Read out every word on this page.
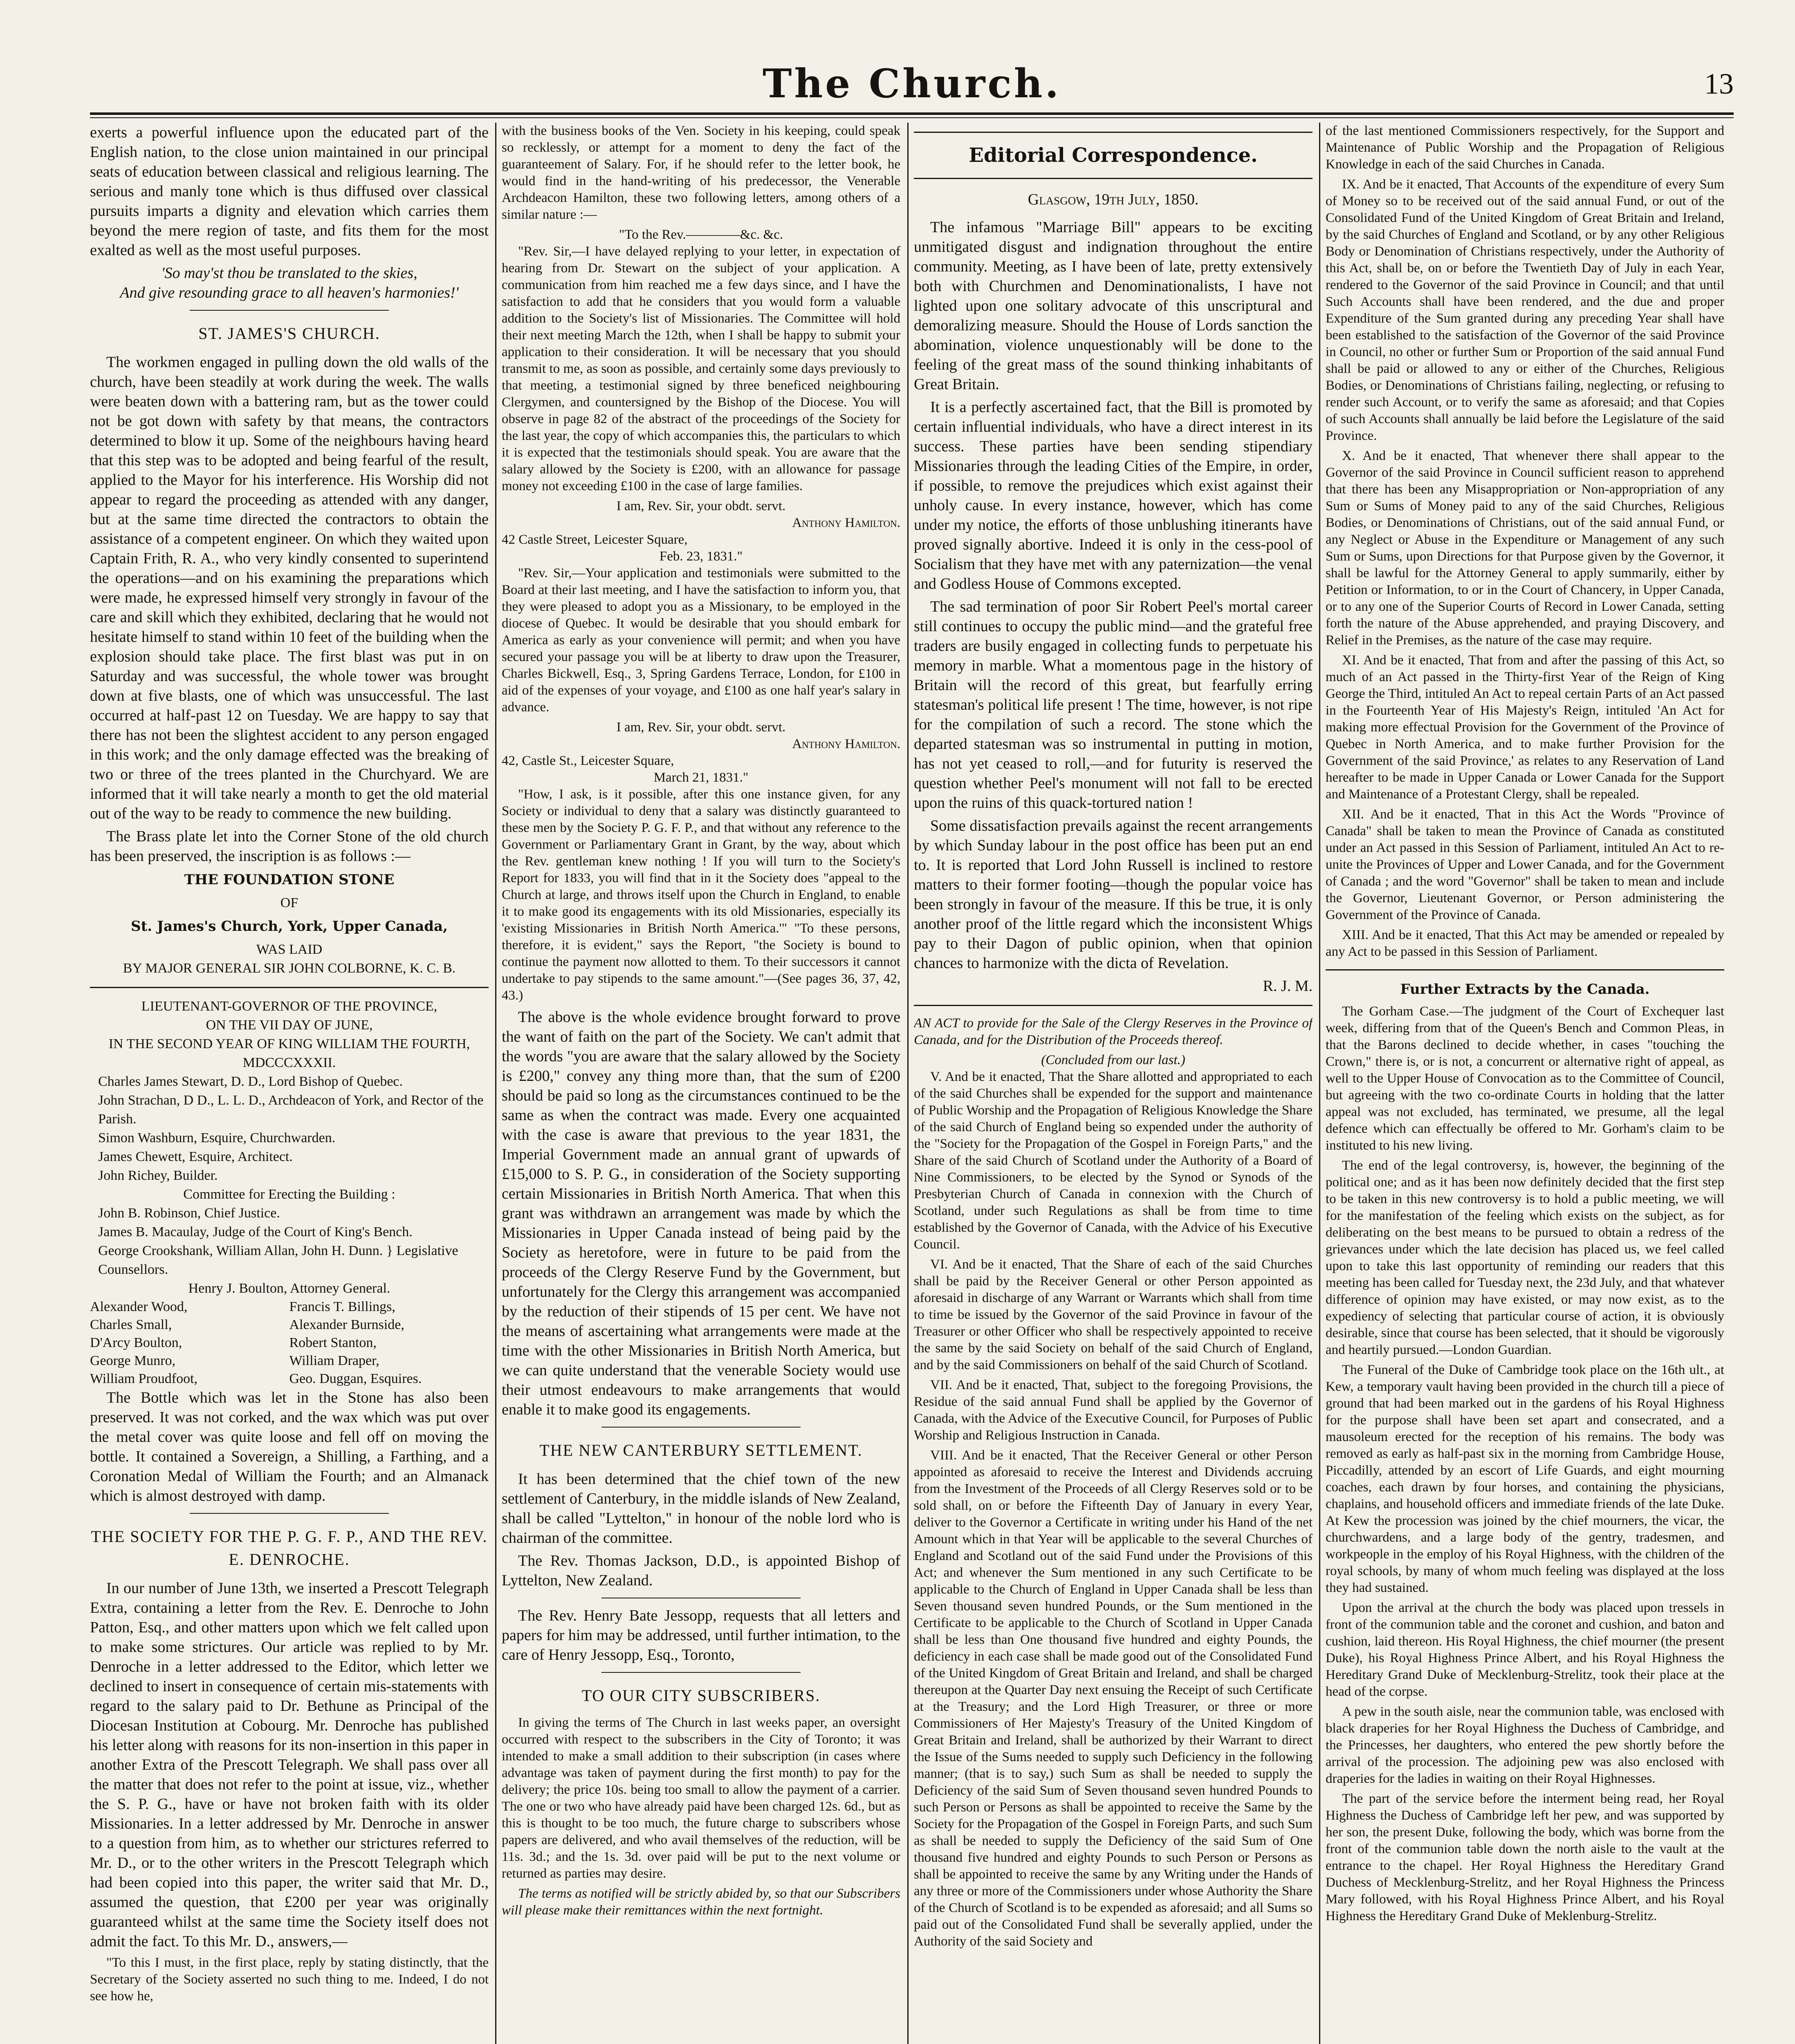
The Church.	13

exerts a powerful influence upon the educated part of the English nation, to the close union maintained in our principal seats of education between classical and religious learning. The serious and manly tone which is thus diffused over classical pursuits imparts a dignity and elevation which carries them beyond the mere region of taste, and fits them for the most exalted as well as the most useful purposes.

'So may'st thou be translated to the skies,
And give resounding grace to all heaven's harmonies!'
ST. JAMES'S CHURCH.

The workmen engaged in pulling down the old walls of the church, have been steadily at work during the week. The walls were beaten down with a battering ram, but as the tower could not be got down with safety by that means, the contractors determined to blow it up. Some of the neighbours having heard that this step was to be adopted and being fearful of the result, applied to the Mayor for his interference. His Worship did not appear to regard the proceeding as attended with any danger, but at the same time directed the contractors to obtain the assistance of a competent engineer. On which they waited upon Captain Frith, R. A., who very kindly consented to superintend the operations—and on his examining the preparations which were made, he expressed himself very strongly in favour of the care and skill which they exhibited, declaring that he would not hesitate himself to stand within 10 feet of the building when the explosion should take place. The first blast was put in on Saturday and was successful, the whole tower was brought down at five blasts, one of which was unsuccessful. The last occurred at half-past 12 on Tuesday. We are happy to say that there has not been the slightest accident to any person engaged in this work; and the only damage effected was the breaking of two or three of the trees planted in the Churchyard. We are informed that it will take nearly a month to get the old material out of the way to be ready to commence the new building.

The Brass plate let into the Corner Stone of the old church has been preserved, the inscription is as follows :—

THE FOUNDATION STONE
OF
St. James's Church, York, Upper Canada,
WAS LAID
BY MAJOR GENERAL SIR JOHN COLBORNE, K. C. B.
LIEUTENANT-GOVERNOR OF THE PROVINCE,
ON THE VII DAY OF JUNE,
IN THE SECOND YEAR OF KING WILLIAM THE FOURTH,
MDCCCXXXII.
Charles James Stewart, D. D., Lord Bishop of Quebec.
John Strachan, D D., L. L. D., Archdeacon of York, and Rector of the Parish.
Simon Washburn, Esquire, Churchwarden.
James Chewett, Esquire, Architect.
John Richey, Builder.
Committee for Erecting the Building :
John B. Robinson, Chief Justice.
James B. Macaulay, Judge of the Court of King's Bench.
George Crookshank, William Allan, John H. Dunn. } Legislative Counsellors.
Henry J. Boulton, Attorney General.
Alexander Wood,	Francis T. Billings,
Charles Small,	Alexander Burnside,
D'Arcy Boulton,	Robert Stanton,
George Munro,	William Draper,
William Proudfoot,	Geo. Duggan, Esquires.

The Bottle which was let in the Stone has also been preserved. It was not corked, and the wax which was put over the metal cover was quite loose and fell off on moving the bottle. It contained a Sovereign, a Shilling, a Farthing, and a Coronation Medal of William the Fourth; and an Almanack which is almost destroyed with damp.

THE SOCIETY FOR THE P. G. F. P., AND THE REV. E. DENROCHE.

In our number of June 13th, we inserted a Prescott Telegraph Extra, containing a letter from the Rev. E. Denroche to John Patton, Esq., and other matters upon which we felt called upon to make some strictures. Our article was replied to by Mr. Denroche in a letter addressed to the Editor, which letter we declined to insert in consequence of certain mis-statements with regard to the salary paid to Dr. Bethune as Principal of the Diocesan Institution at Cobourg. Mr. Denroche has published his letter along with reasons for its non-insertion in this paper in another Extra of the Prescott Telegraph. We shall pass over all the matter that does not refer to the point at issue, viz., whether the S. P. G., have or have not broken faith with its older Missionaries. In a letter addressed by Mr. Denroche in answer to a question from him, as to whether our strictures referred to Mr. D., or to the other writers in the Prescott Telegraph which had been copied into this paper, the writer said that Mr. D., assumed the question, that £200 per year was originally guaranteed whilst at the same time the Society itself does not admit the fact. To this Mr. D., answers,—

"To this I must, in the first place, reply by stating distinctly, that the Secretary of the Society asserted no such thing to me. Indeed, I do not see how he,

with the business books of the Ven. Society in his keeping, could speak so recklessly, or attempt for a moment to deny the fact of the guaranteement of Salary. For, if he should refer to the letter book, he would find in the hand-writing of his predecessor, the Venerable Archdeacon Hamilton, these two following letters, among others of a similar nature :—

"To the Rev.————&c. &c.

"Rev. Sir,—I have delayed replying to your letter, in expectation of hearing from Dr. Stewart on the subject of your application. A communication from him reached me a few days since, and I have the satisfaction to add that he considers that you would form a valuable addition to the Society's list of Missionaries. The Committee will hold their next meeting March the 12th, when I shall be happy to submit your application to their consideration. It will be necessary that you should transmit to me, as soon as possible, and certainly some days previously to that meeting, a testimonial signed by three beneficed neighbouring Clergymen, and countersigned by the Bishop of the Diocese. You will observe in page 82 of the abstract of the proceedings of the Society for the last year, the copy of which accompanies this, the particulars to which it is expected that the testimonials should speak. You are aware that the salary allowed by the Society is £200, with an allowance for passage money not exceeding £100 in the case of large families.

I am, Rev. Sir, your obdt. servt.
Anthony Hamilton.
42 Castle Street, Leicester Square,
Feb. 23, 1831."

"Rev. Sir,—Your application and testimonials were submitted to the Board at their last meeting, and I have the satisfaction to inform you, that they were pleased to adopt you as a Missionary, to be employed in the diocese of Quebec. It would be desirable that you should embark for America as early as your convenience will permit; and when you have secured your passage you will be at liberty to draw upon the Treasurer, Charles Bickwell, Esq., 3, Spring Gardens Terrace, London, for £100 in aid of the expenses of your voyage, and £100 as one half year's salary in advance.

I am, Rev. Sir, your obdt. servt.
Anthony Hamilton.
42, Castle St., Leicester Square,
March 21, 1831."

"How, I ask, is it possible, after this one instance given, for any Society or individual to deny that a salary was distinctly guaranteed to these men by the Society P. G. F. P., and that without any reference to the Government or Parliamentary Grant in Grant, by the way, about which the Rev. gentleman knew nothing ! If you will turn to the Society's Report for 1833, you will find that in it the Society does "appeal to the Church at large, and throws itself upon the Church in England, to enable it to make good its engagements with its old Missionaries, especially its 'existing Missionaries in British North America.'" "To these persons, therefore, it is evident," says the Report, "the Society is bound to continue the payment now allotted to them. To their successors it cannot undertake to pay stipends to the same amount."—(See pages 36, 37, 42, 43.)

The above is the whole evidence brought forward to prove the want of faith on the part of the Society. We can't admit that the words "you are aware that the salary allowed by the Society is £200," convey any thing more than, that the sum of £200 should be paid so long as the circumstances continued to be the same as when the contract was made. Every one acquainted with the case is aware that previous to the year 1831, the Imperial Government made an annual grant of upwards of £15,000 to S. P. G., in consideration of the Society supporting certain Missionaries in British North America. That when this grant was withdrawn an arrangement was made by which the Missionaries in Upper Canada instead of being paid by the Society as heretofore, were in future to be paid from the proceeds of the Clergy Reserve Fund by the Government, but unfortunately for the Clergy this arrangement was accompanied by the reduction of their stipends of 15 per cent. We have not the means of ascertaining what arrangements were made at the time with the other Missionaries in British North America, but we can quite understand that the venerable Society would use their utmost endeavours to make arrangements that would enable it to make good its engagements.

THE NEW CANTERBURY SETTLEMENT.

It has been determined that the chief town of the new settlement of Canterbury, in the middle islands of New Zealand, shall be called "Lyttelton," in honour of the noble lord who is chairman of the committee.

The Rev. Thomas Jackson, D.D., is appointed Bishop of Lyttelton, New Zealand.

The Rev. Henry Bate Jessopp, requests that all letters and papers for him may be addressed, until further intimation, to the care of Henry Jessopp, Esq., Toronto,

TO OUR CITY SUBSCRIBERS.

In giving the terms of The Church in last weeks paper, an oversight occurred with respect to the subscribers in the City of Toronto; it was intended to make a small addition to their subscription (in cases where advantage was taken of payment during the first month) to pay for the delivery; the price 10s. being too small to allow the payment of a carrier. The one or two who have already paid have been charged 12s. 6d., but as this is thought to be too much, the future charge to subscribers whose papers are delivered, and who avail themselves of the reduction, will be 11s. 3d.; and the 1s. 3d. over paid will be put to the next volume or returned as parties may desire.

The terms as notified will be strictly abided by, so that our Subscribers will please make their remittances within the next fortnight.

Editorial Correspondence.
Glasgow, 19th July, 1850.

The infamous "Marriage Bill" appears to be exciting unmitigated disgust and indignation throughout the entire community. Meeting, as I have been of late, pretty extensively both with Churchmen and Denominationalists, I have not lighted upon one solitary advocate of this unscriptural and demoralizing measure. Should the House of Lords sanction the abomination, violence unquestionably will be done to the feeling of the great mass of the sound thinking inhabitants of Great Britain.

It is a perfectly ascertained fact, that the Bill is promoted by certain influential individuals, who have a direct interest in its success. These parties have been sending stipendiary Missionaries through the leading Cities of the Empire, in order, if possible, to remove the prejudices which exist against their unholy cause. In every instance, however, which has come under my notice, the efforts of those unblushing itinerants have proved signally abortive. Indeed it is only in the cess-pool of Socialism that they have met with any paternization—the venal and Godless House of Commons excepted.

The sad termination of poor Sir Robert Peel's mortal career still continues to occupy the public mind—and the grateful free traders are busily engaged in collecting funds to perpetuate his memory in marble. What a momentous page in the history of Britain will the record of this great, but fearfully erring statesman's political life present ! The time, however, is not ripe for the compilation of such a record. The stone which the departed statesman was so instrumental in putting in motion, has not yet ceased to roll,—and for futurity is reserved the question whether Peel's monument will not fall to be erected upon the ruins of this quack-tortured nation !

Some dissatisfaction prevails against the recent arrangements by which Sunday labour in the post office has been put an end to. It is reported that Lord John Russell is inclined to restore matters to their former footing—though the popular voice has been strongly in favour of the measure. If this be true, it is only another proof of the little regard which the inconsistent Whigs pay to their Dagon of public opinion, when that opinion chances to harmonize with the dicta of Revelation.

R. J. M.

AN ACT to provide for the Sale of the Clergy Reserves in the Province of Canada, and for the Distribution of the Proceeds thereof.

(Concluded from our last.)

V. And be it enacted, That the Share allotted and appropriated to each of the said Churches shall be expended for the support and maintenance of Public Worship and the Propagation of Religious Knowledge the Share of the said Church of England being so expended under the authority of the "Society for the Propagation of the Gospel in Foreign Parts," and the Share of the said Church of Scotland under the Authority of a Board of Nine Commissioners, to be elected by the Synod or Synods of the Presbyterian Church of Canada in connexion with the Church of Scotland, under such Regulations as shall be from time to time established by the Governor of Canada, with the Advice of his Executive Council.

VI. And be it enacted, That the Share of each of the said Churches shall be paid by the Receiver General or other Person appointed as aforesaid in discharge of any Warrant or Warrants which shall from time to time be issued by the Governor of the said Province in favour of the Treasurer or other Officer who shall be respectively appointed to receive the same by the said Society on behalf of the said Church of England, and by the said Commissioners on behalf of the said Church of Scotland.

VII. And be it enacted, That, subject to the foregoing Provisions, the Residue of the said annual Fund shall be applied by the Governor of Canada, with the Advice of the Executive Council, for Purposes of Public Worship and Religious Instruction in Canada.

VIII. And be it enacted, That the Receiver General or other Person appointed as aforesaid to receive the Interest and Dividends accruing from the Investment of the Proceeds of all Clergy Reserves sold or to be sold shall, on or before the Fifteenth Day of January in every Year, deliver to the Governor a Certificate in writing under his Hand of the net Amount which in that Year will be applicable to the several Churches of England and Scotland out of the said Fund under the Provisions of this Act; and whenever the Sum mentioned in any such Certificate to be applicable to the Church of England in Upper Canada shall be less than Seven thousand seven hundred Pounds, or the Sum mentioned in the Certificate to be applicable to the Church of Scotland in Upper Canada shall be less than One thousand five hundred and eighty Pounds, the deficiency in each case shall be made good out of the Consolidated Fund of the United Kingdom of Great Britain and Ireland, and shall be charged thereupon at the Quarter Day next ensuing the Receipt of such Certificate at the Treasury; and the Lord High Treasurer, or three or more Commissioners of Her Majesty's Treasury of the United Kingdom of Great Britain and Ireland, shall be authorized by their Warrant to direct the Issue of the Sums needed to supply such Deficiency in the following manner; (that is to say,) such Sum as shall be needed to supply the Deficiency of the said Sum of Seven thousand seven hundred Pounds to such Person or Persons as shall be appointed to receive the Same by the Society for the Propagation of the Gospel in Foreign Parts, and such Sum as shall be needed to supply the Deficiency of the said Sum of One thousand five hundred and eighty Pounds to such Person or Persons as shall be appointed to receive the same by any Writing under the Hands of any three or more of the Commissioners under whose Authority the Share of the Church of Scotland is to be expended as aforesaid; and all Sums so paid out of the Consolidated Fund shall be severally applied, under the Authority of the said Society and

of the last mentioned Commissioners respectively, for the Support and Maintenance of Public Worship and the Propagation of Religious Knowledge in each of the said Churches in Canada.

IX. And be it enacted, That Accounts of the expenditure of every Sum of Money so to be received out of the said annual Fund, or out of the Consolidated Fund of the United Kingdom of Great Britain and Ireland, by the said Churches of England and Scotland, or by any other Religious Body or Denomination of Christians respectively, under the Authority of this Act, shall be, on or before the Twentieth Day of July in each Year, rendered to the Governor of the said Province in Council; and that until Such Accounts shall have been rendered, and the due and proper Expenditure of the Sum granted during any preceding Year shall have been established to the satisfaction of the Governor of the said Province in Council, no other or further Sum or Proportion of the said annual Fund shall be paid or allowed to any or either of the Churches, Religious Bodies, or Denominations of Christians failing, neglecting, or refusing to render such Account, or to verify the same as aforesaid; and that Copies of such Accounts shall annually be laid before the Legislature of the said Province.

X. And be it enacted, That whenever there shall appear to the Governor of the said Province in Council sufficient reason to apprehend that there has been any Misappropriation or Non-appropriation of any Sum or Sums of Money paid to any of the said Churches, Religious Bodies, or Denominations of Christians, out of the said annual Fund, or any Neglect or Abuse in the Expenditure or Management of any such Sum or Sums, upon Directions for that Purpose given by the Governor, it shall be lawful for the Attorney General to apply summarily, either by Petition or Information, to or in the Court of Chancery, in Upper Canada, or to any one of the Superior Courts of Record in Lower Canada, setting forth the nature of the Abuse apprehended, and praying Discovery, and Relief in the Premises, as the nature of the case may require.

XI. And be it enacted, That from and after the passing of this Act, so much of an Act passed in the Thirty-first Year of the Reign of King George the Third, intituled An Act to repeal certain Parts of an Act passed in the Fourteenth Year of His Majesty's Reign, intituled 'An Act for making more effectual Provision for the Government of the Province of Quebec in North America, and to make further Provision for the Government of the said Province,' as relates to any Reservation of Land hereafter to be made in Upper Canada or Lower Canada for the Support and Maintenance of a Protestant Clergy, shall be repealed.

XII. And be it enacted, That in this Act the Words "Province of Canada" shall be taken to mean the Province of Canada as constituted under an Act passed in this Session of Parliament, intituled An Act to re-unite the Provinces of Upper and Lower Canada, and for the Government of Canada ; and the word "Governor" shall be taken to mean and include the Governor, Lieutenant Governor, or Person administering the Government of the Province of Canada.

XIII. And be it enacted, That this Act may be amended or repealed by any Act to be passed in this Session of Parliament.

Further Extracts by the Canada.

The Gorham Case.—The judgment of the Court of Exchequer last week, differing from that of the Queen's Bench and Common Pleas, in that the Barons declined to decide whether, in cases "touching the Crown," there is, or is not, a concurrent or alternative right of appeal, as well to the Upper House of Convocation as to the Committee of Council, but agreeing with the two co-ordinate Courts in holding that the latter appeal was not excluded, has terminated, we presume, all the legal defence which can effectually be offered to Mr. Gorham's claim to be instituted to his new living.

The end of the legal controversy, is, however, the beginning of the political one; and as it has been now definitely decided that the first step to be taken in this new controversy is to hold a public meeting, we will for the manifestation of the feeling which exists on the subject, as for deliberating on the best means to be pursued to obtain a redress of the grievances under which the late decision has placed us, we feel called upon to take this last opportunity of reminding our readers that this meeting has been called for Tuesday next, the 23d July, and that whatever difference of opinion may have existed, or may now exist, as to the expediency of selecting that particular course of action, it is obviously desirable, since that course has been selected, that it should be vigorously and heartily pursued.—London Guardian.

The Funeral of the Duke of Cambridge took place on the 16th ult., at Kew, a temporary vault having been provided in the church till a piece of ground that had been marked out in the gardens of his Royal Highness for the purpose shall have been set apart and consecrated, and a mausoleum erected for the reception of his remains. The body was removed as early as half-past six in the morning from Cambridge House, Piccadilly, attended by an escort of Life Guards, and eight mourning coaches, each drawn by four horses, and containing the physicians, chaplains, and household officers and immediate friends of the late Duke. At Kew the procession was joined by the chief mourners, the vicar, the churchwardens, and a large body of the gentry, tradesmen, and workpeople in the employ of his Royal Highness, with the children of the royal schools, by many of whom much feeling was displayed at the loss they had sustained.

Upon the arrival at the church the body was placed upon tressels in front of the communion table and the coronet and cushion, and baton and cushion, laid thereon. His Royal Highness, the chief mourner (the present Duke), his Royal Highness Prince Albert, and his Royal Highness the Hereditary Grand Duke of Mecklenburg-Strelitz, took their place at the head of the corpse.

A pew in the south aisle, near the communion table, was enclosed with black draperies for her Royal Highness the Duchess of Cambridge, and the Princesses, her daughters, who entered the pew shortly before the arrival of the procession. The adjoining pew was also enclosed with draperies for the ladies in waiting on their Royal Highnesses.

The part of the service before the interment being read, her Royal Highness the Duchess of Cambridge left her pew, and was supported by her son, the present Duke, following the body, which was borne from the front of the communion table down the north aisle to the vault at the entrance to the chapel. Her Royal Highness the Hereditary Grand Duchess of Mecklenburg-Strelitz, and her Royal Highness the Princess Mary followed, with his Royal Highness Prince Albert, and his Royal Highness the Hereditary Grand Duke of Meklenburg-Strelitz.
